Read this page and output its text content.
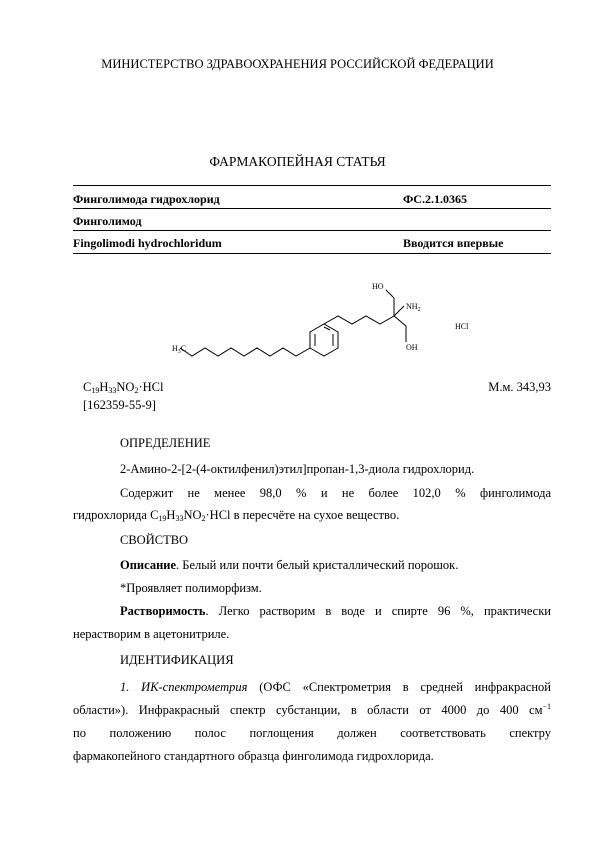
МИНИСТЕРСТВО ЗДРАВООХРАНЕНИЯ РОССИЙСКОЙ ФЕДЕРАЦИИ
ФАРМАКОПЕЙНАЯ СТАТЬЯ
Финголимода гидрохлорид	ФС.2.1.0365
Финголимод
Fingolimodi hydrochloridum	Вводится впервые
$H_3C$
HO
$NH_2$
OH
HCl
$C_{19}H_{33}NO_2\cdot HCl$	М.м. 343,93
[162359-55-9]
ОПРЕДЕЛЕНИЕ
2-Амино-2-[2-(4-октилфенил)этил]пропан-1,3-диола гидрохлорид.
Содержит не менее 98,0 % и не более 102,0 % финголимода
гидрохлорида $C_{19}H_{33}NO_2\cdot HCl$ в пересчёте на сухое вещество.
СВОЙСТВО
Описание. Белый или почти белый кристаллический порошок.
*Проявляет полиморфизм.
Растворимость. Легко растворим в воде и спирте 96 %, практически
нерастворим в ацетонитриле.
ИДЕНТИФИКАЦИЯ
1. ИК-спектрометрия (ОФС «Спектрометрия в средней инфракрасной
области»). Инфракрасный спектр субстанции, в области от 4000 до 400 $см^{-1}$
по положению полос поглощения должен соответствовать спектру
фармакопейного стандартного образца финголимода гидрохлорида.
